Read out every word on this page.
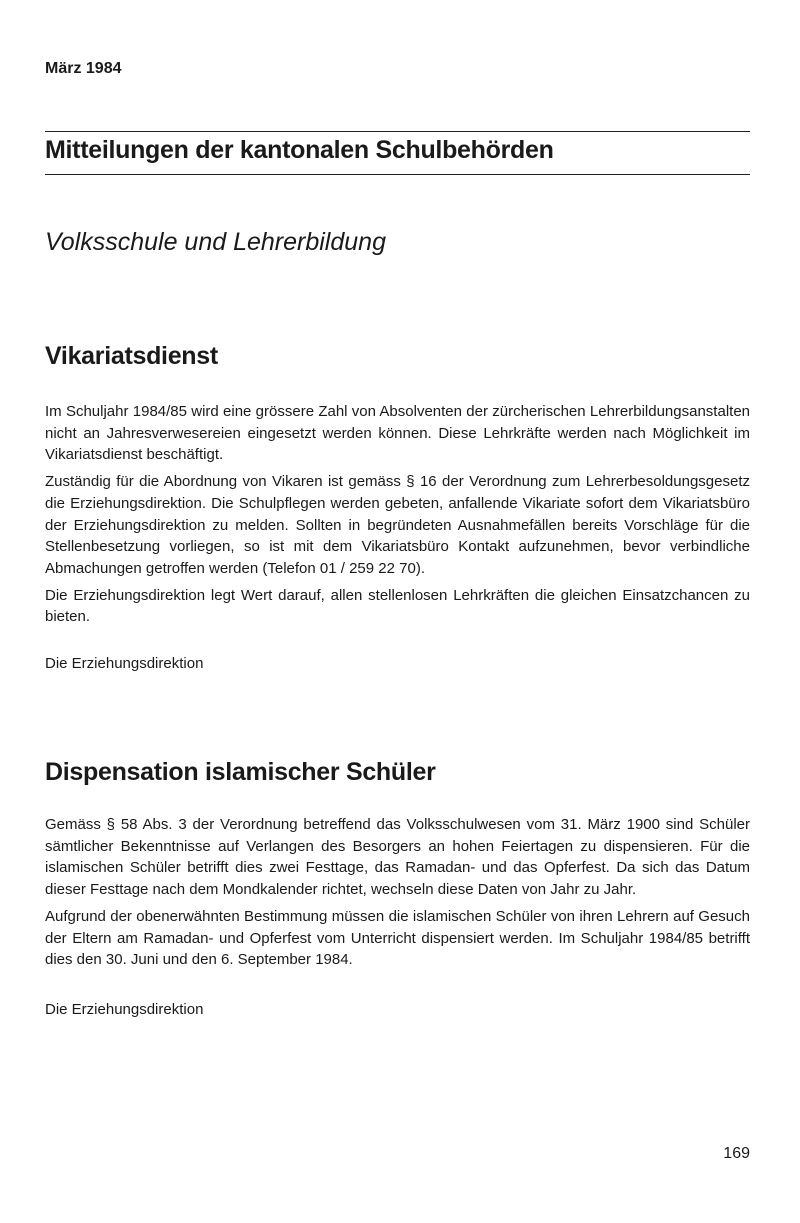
März 1984
Mitteilungen der kantonalen Schulbehörden
Volksschule und Lehrerbildung
Vikariatsdienst

Im Schuljahr 1984/85 wird eine grössere Zahl von Absolventen der zürcherischen Lehrerbildungsanstalten nicht an Jahresverwesereien eingesetzt werden können. Diese Lehrkräfte werden nach Möglichkeit im Vikariatsdienst beschäftigt.

Zuständig für die Abordnung von Vikaren ist gemäss § 16 der Verordnung zum Lehrerbesoldungsgesetz die Erziehungsdirektion. Die Schulpflegen werden gebeten, anfallende Vikariate sofort dem Vikariatsbüro der Erziehungsdirektion zu melden. Sollten in begründeten Ausnahmefällen bereits Vorschläge für die Stellenbesetzung vorliegen, so ist mit dem Vikariatsbüro Kontakt aufzunehmen, bevor verbindliche Abmachungen getroffen werden (Telefon 01 / 259 22 70).

Die Erziehungsdirektion legt Wert darauf, allen stellenlosen Lehrkräften die gleichen Einsatzchancen zu bieten.

Die Erziehungsdirektion
Dispensation islamischer Schüler

Gemäss § 58 Abs. 3 der Verordnung betreffend das Volksschulwesen vom 31. März 1900 sind Schüler sämtlicher Bekenntnisse auf Verlangen des Besorgers an hohen Feiertagen zu dispensieren. Für die islamischen Schüler betrifft dies zwei Festtage, das Ramadan- und das Opferfest. Da sich das Datum dieser Festtage nach dem Mondkalender richtet, wechseln diese Daten von Jahr zu Jahr.

Aufgrund der obenerwähnten Bestimmung müssen die islamischen Schüler von ihren Lehrern auf Gesuch der Eltern am Ramadan- und Opferfest vom Unterricht dispensiert werden. Im Schuljahr 1984/85 betrifft dies den 30. Juni und den 6. September 1984.

Die Erziehungsdirektion
169
